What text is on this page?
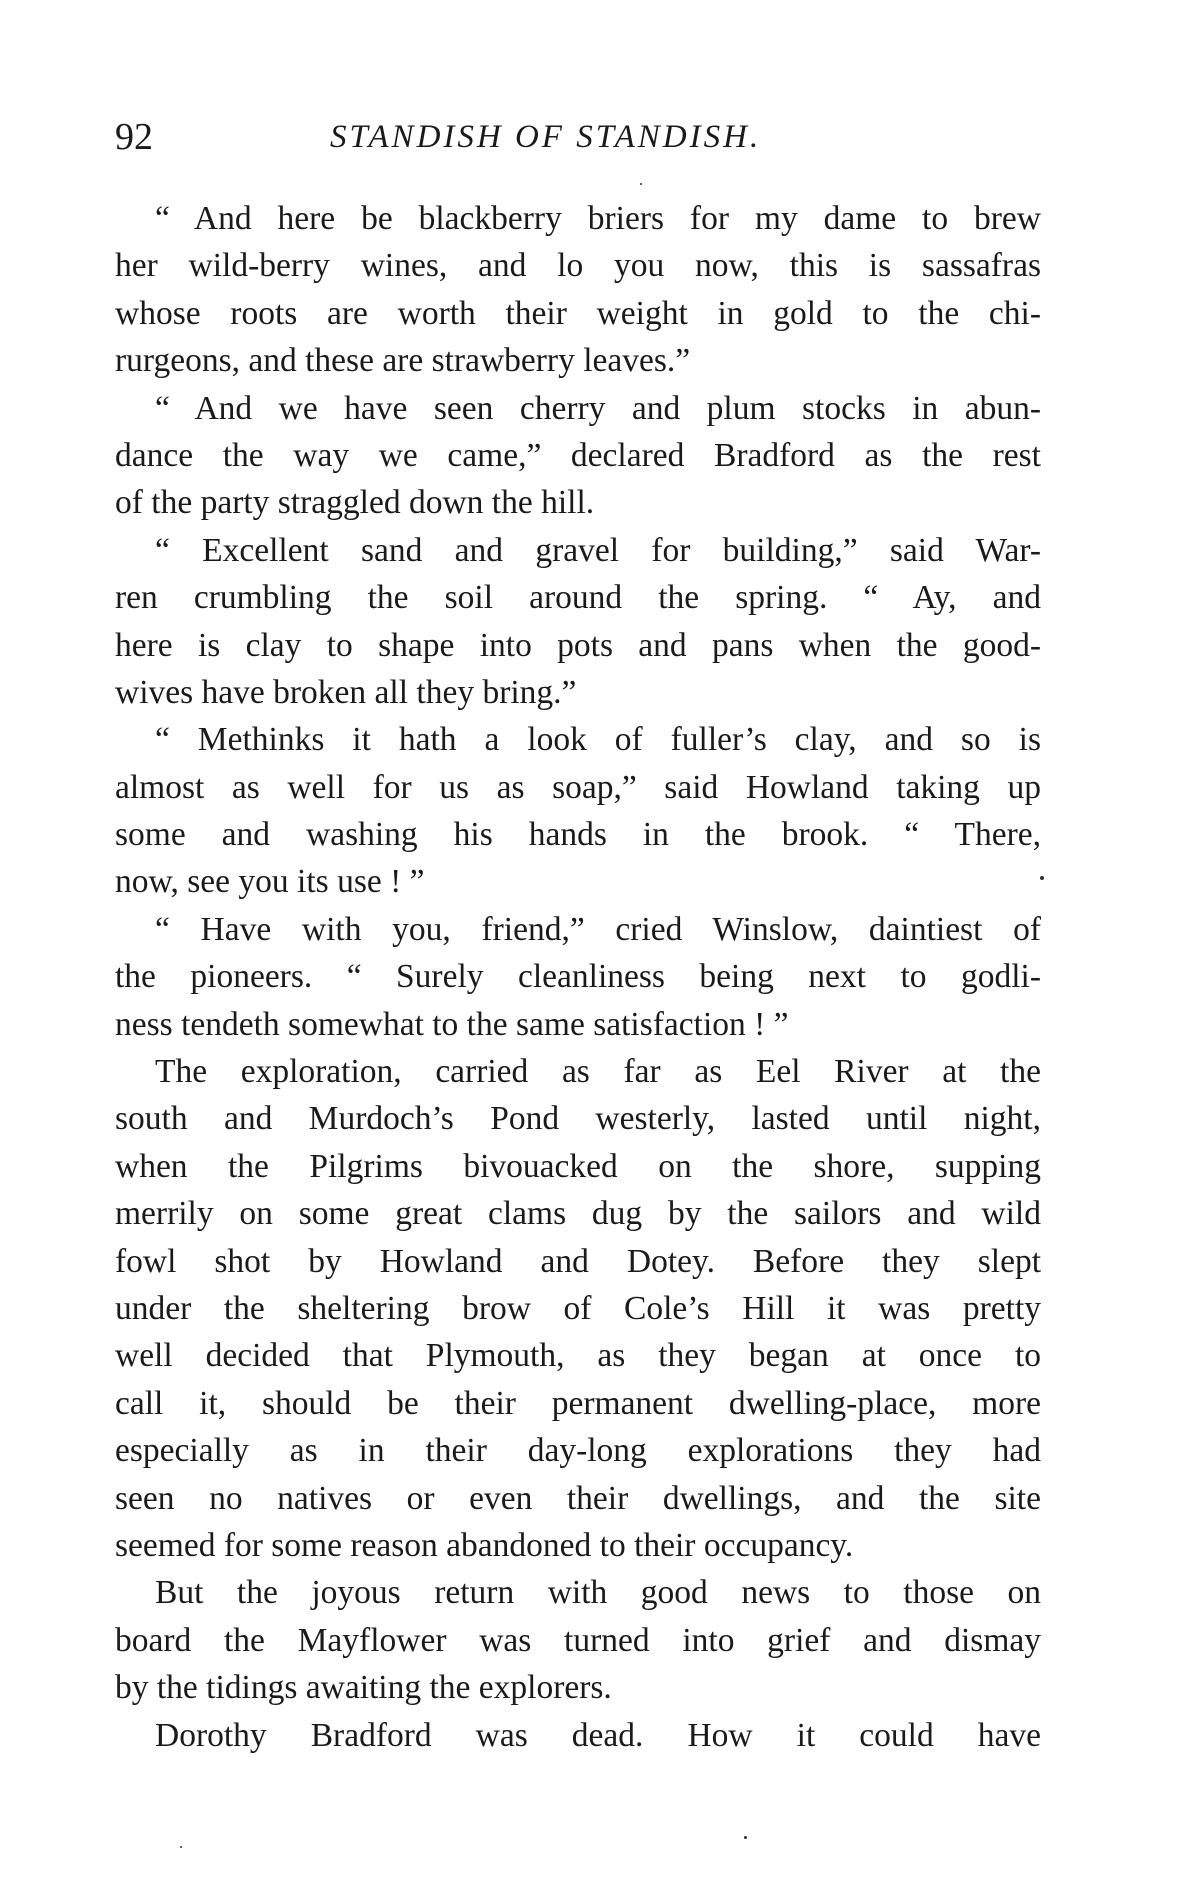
92	STANDISH OF STANDISH.
“ And here be blackberry briers for my dame to brew
her wild-berry wines, and lo you now, this is sassafras
whose roots are worth their weight in gold to the chi-
rurgeons, and these are strawberry leaves.”
“ And we have seen cherry and plum stocks in abun-
dance the way we came,” declared Bradford as the rest
of the party straggled down the hill.
“ Excellent sand and gravel for building,” said War-
ren crumbling the soil around the spring. “ Ay, and
here is clay to shape into pots and pans when the good-
wives have broken all they bring.”
“ Methinks it hath a look of fuller’s clay, and so is
almost as well for us as soap,” said Howland taking up
some and washing his hands in the brook. “ There,
now, see you its use ! ”
“ Have with you, friend,” cried Winslow, daintiest of
the pioneers. “ Surely cleanliness being next to godli-
ness tendeth somewhat to the same satisfaction ! ”
The exploration, carried as far as Eel River at the
south and Murdoch’s Pond westerly, lasted until night,
when the Pilgrims bivouacked on the shore, supping
merrily on some great clams dug by the sailors and wild
fowl shot by Howland and Dotey. Before they slept
under the sheltering brow of Cole’s Hill it was pretty
well decided that Plymouth, as they began at once to
call it, should be their permanent dwelling-place, more
especially as in their day-long explorations they had
seen no natives or even their dwellings, and the site
seemed for some reason abandoned to their occupancy.
But the joyous return with good news to those on
board the Mayflower was turned into grief and dismay
by the tidings awaiting the explorers.
Dorothy Bradford was dead. How it could have
